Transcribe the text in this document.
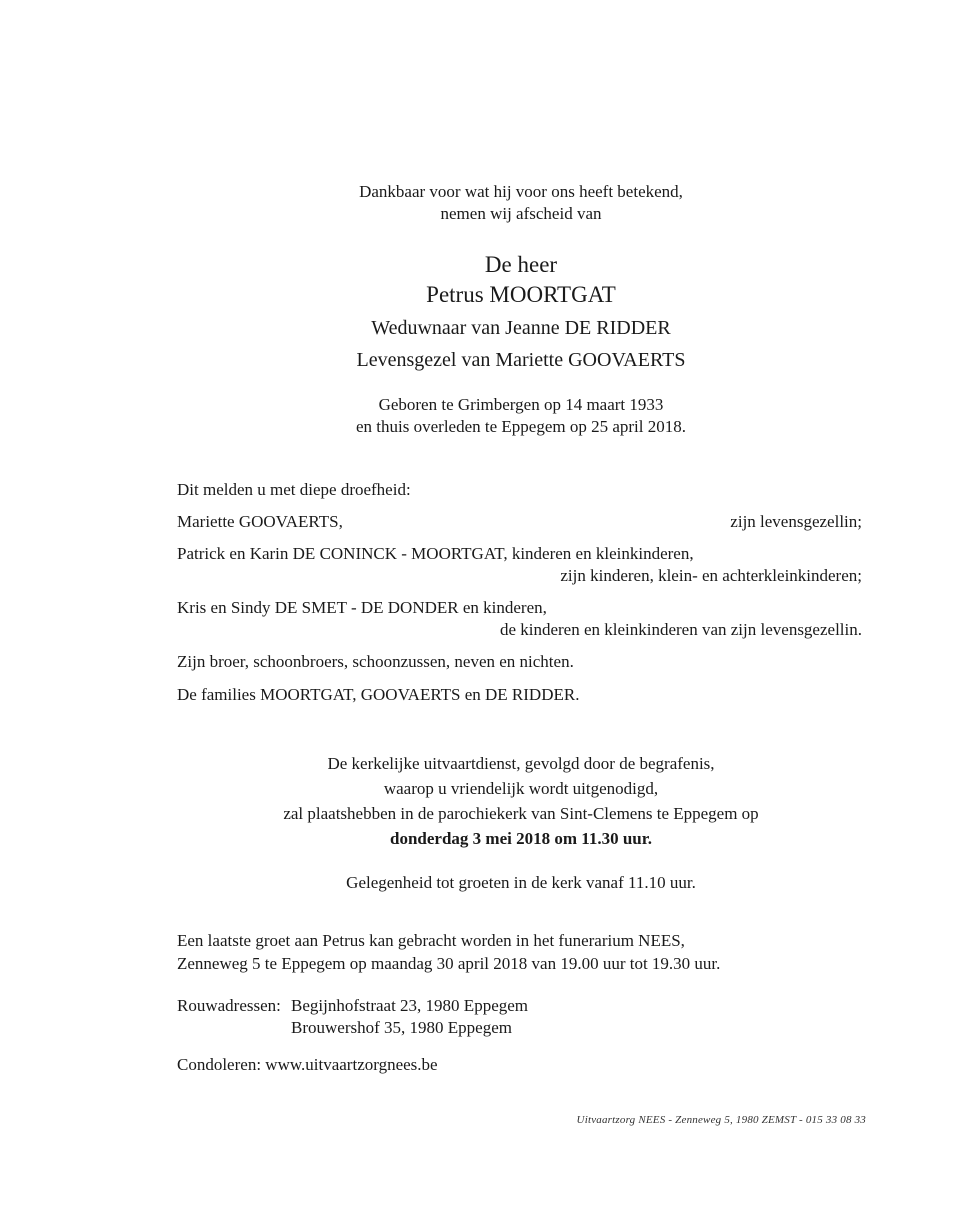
Dankbaar voor wat hij voor ons heeft betekend,
nemen wij afscheid van
De heer
Petrus MOORTGAT
Weduwnaar van Jeanne DE RIDDER
Levensgezel van Mariette GOOVAERTS
Geboren te Grimbergen op 14 maart 1933
en thuis overleden te Eppegem op 25 april 2018.
Dit melden u met diepe droefheid:
Mariette GOOVAERTS,	zijn levensgezellin;
Patrick en Karin DE CONINCK - MOORTGAT, kinderen en kleinkinderen,
zijn kinderen, klein- en achterkleinkinderen;
Kris en Sindy DE SMET - DE DONDER en kinderen,
de kinderen en kleinkinderen van zijn levensgezellin.
Zijn broer, schoonbroers, schoonzussen, neven en nichten.
De families MOORTGAT, GOOVAERTS en DE RIDDER.
De kerkelijke uitvaartdienst, gevolgd door de begrafenis,
waarop u vriendelijk wordt uitgenodigd,
zal plaatshebben in de parochiekerk van Sint-Clemens te Eppegem op
donderdag 3 mei 2018 om 11.30 uur.
Gelegenheid tot groeten in de kerk vanaf 11.10 uur.
Een laatste groet aan Petrus kan gebracht worden in het funerarium NEES,
Zenneweg 5 te Eppegem op maandag 30 april 2018 van 19.00 uur tot 19.30 uur.
Rouwadressen: Begijnhofstraat 23, 1980 Eppegem
Brouwershof 35, 1980 Eppegem
Condoleren: www.uitvaartzorgnees.be
Uitvaartzorg NEES - Zenneweg 5, 1980 ZEMST - 015 33 08 33
